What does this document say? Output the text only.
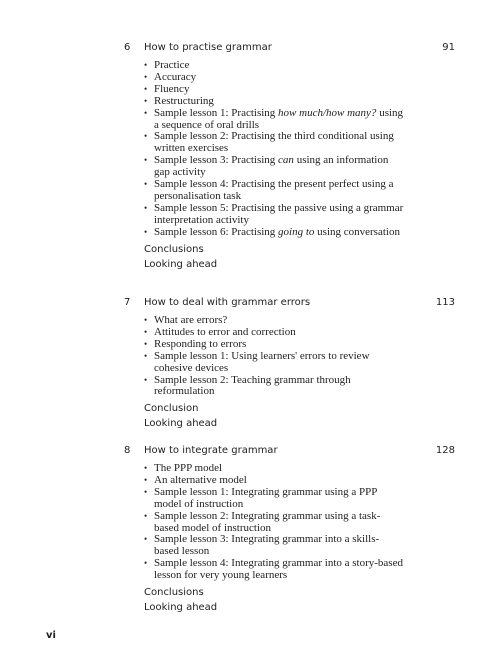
6 How to practise grammar	91
• Practice
• Accuracy
• Fluency
• Restructuring
• Sample lesson 1: Practising how much/how many? using a sequence of oral drills
• Sample lesson 2: Practising the third conditional using written exercises
• Sample lesson 3: Practising can using an information gap activity
• Sample lesson 4: Practising the present perfect using a personalisation task
• Sample lesson 5: Practising the passive using a grammar interpretation activity
• Sample lesson 6: Practising going to using conversation
Conclusions
Looking ahead
7 How to deal with grammar errors	113
• What are errors?
• Attitudes to error and correction
• Responding to errors
• Sample lesson 1: Using learners' errors to review cohesive devices
• Sample lesson 2: Teaching grammar through reformulation
Conclusion
Looking ahead
8 How to integrate grammar	128
• The PPP model
• An alternative model
• Sample lesson 1: Integrating grammar using a PPP model of instruction
• Sample lesson 2: Integrating grammar using a task-based model of instruction
• Sample lesson 3: Integrating grammar into a skills-based lesson
• Sample lesson 4: Integrating grammar into a story-based lesson for very young learners
Conclusions
Looking ahead
vi
